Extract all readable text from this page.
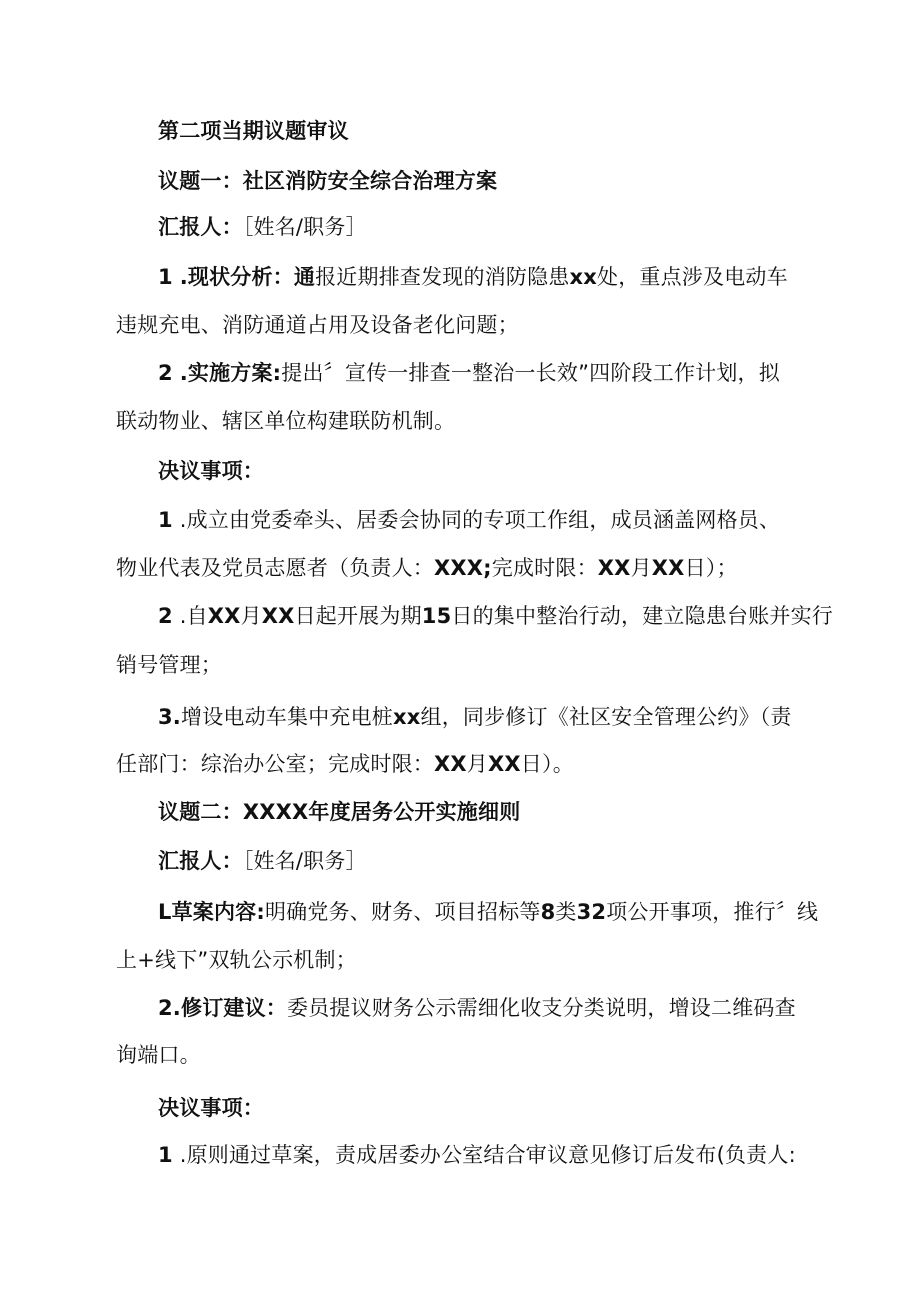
第二项当期议题审议
议题一：社区消防安全综合治理方案
汇报人：［姓名/职务］
1 .现状分析：通报近期排查发现的消防隐患xx处，重点涉及电动车
违规充电、消防通道占用及设备老化问题；
2 .实施方案:提出〞宣传一排查一整治一长效”四阶段工作计划，拟
联动物业、辖区单位构建联防机制。
决议事项：
1 .成立由党委牵头、居委会协同的专项工作组，成员涵盖网格员、
物业代表及党员志愿者（负责人：XXX;完成时限：XX月XX日）；
2 .自XX月XX日起开展为期15日的集中整治行动，建立隐患台账并实行
销号管理；
3.增设电动车集中充电桩xx组，同步修订《社区安全管理公约》（责
任部门：综治办公室；完成时限：XX月XX日）。
议题二：XXXX年度居务公开实施细则
汇报人：［姓名/职务］
L草案内容:明确党务、财务、项目招标等8类32项公开事项，推行〞线
上+线下”双轨公示机制；
2.修订建议：委员提议财务公示需细化收支分类说明，增设二维码查
询端口。
决议事项：
1 .原则通过草案，责成居委办公室结合审议意见修订后发布(负责人:
